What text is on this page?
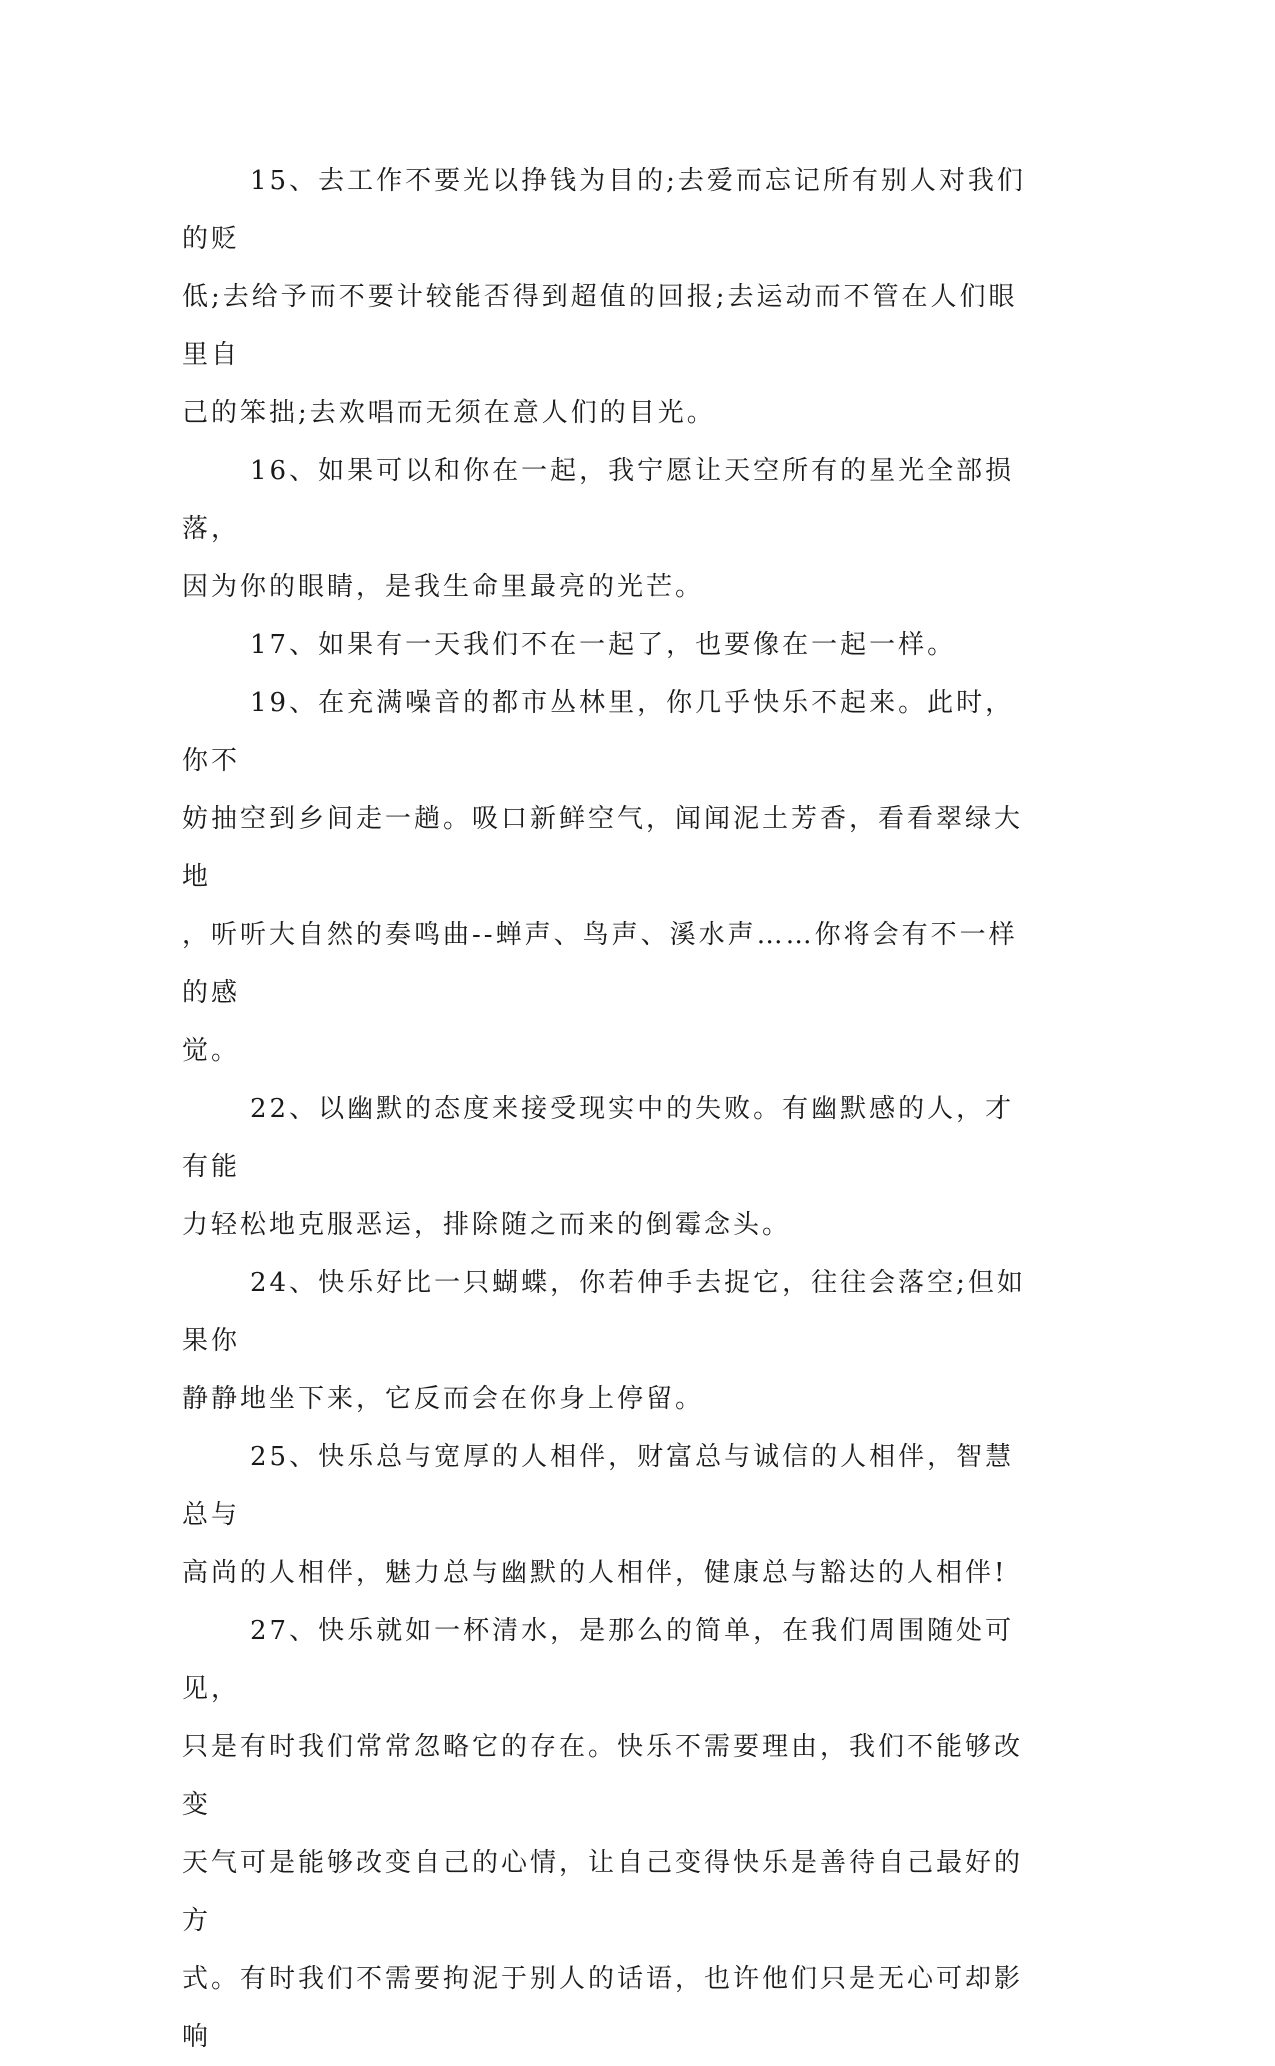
15、去工作不要光以挣钱为目的;去爱而忘记所有别人对我们的贬
低;去给予而不要计较能否得到超值的回报;去运动而不管在人们眼里自
己的笨拙;去欢唱而无须在意人们的目光。

16、如果可以和你在一起，我宁愿让天空所有的星光全部损落，
因为你的眼睛，是我生命里最亮的光芒。

17、如果有一天我们不在一起了，也要像在一起一样。

19、在充满噪音的都市丛林里，你几乎快乐不起来。此时，你不
妨抽空到乡间走一趟。吸口新鲜空气，闻闻泥土芳香，看看翠绿大地
，听听大自然的奏鸣曲--蝉声、鸟声、溪水声……你将会有不一样的感
觉。

22、以幽默的态度来接受现实中的失败。有幽默感的人，才有能
力轻松地克服恶运，排除随之而来的倒霉念头。

24、快乐好比一只蝴蝶，你若伸手去捉它，往往会落空;但如果你
静静地坐下来，它反而会在你身上停留。

25、快乐总与宽厚的人相伴，财富总与诚信的人相伴，智慧总与
高尚的人相伴，魅力总与幽默的人相伴，健康总与豁达的人相伴!

27、快乐就如一杯清水，是那么的简单，在我们周围随处可见，
只是有时我们常常忽略它的存在。快乐不需要理由，我们不能够改变
天气可是能够改变自己的心情，让自己变得快乐是善待自己最好的方
式。有时我们不需要拘泥于别人的话语，也许他们只是无心可却影响
